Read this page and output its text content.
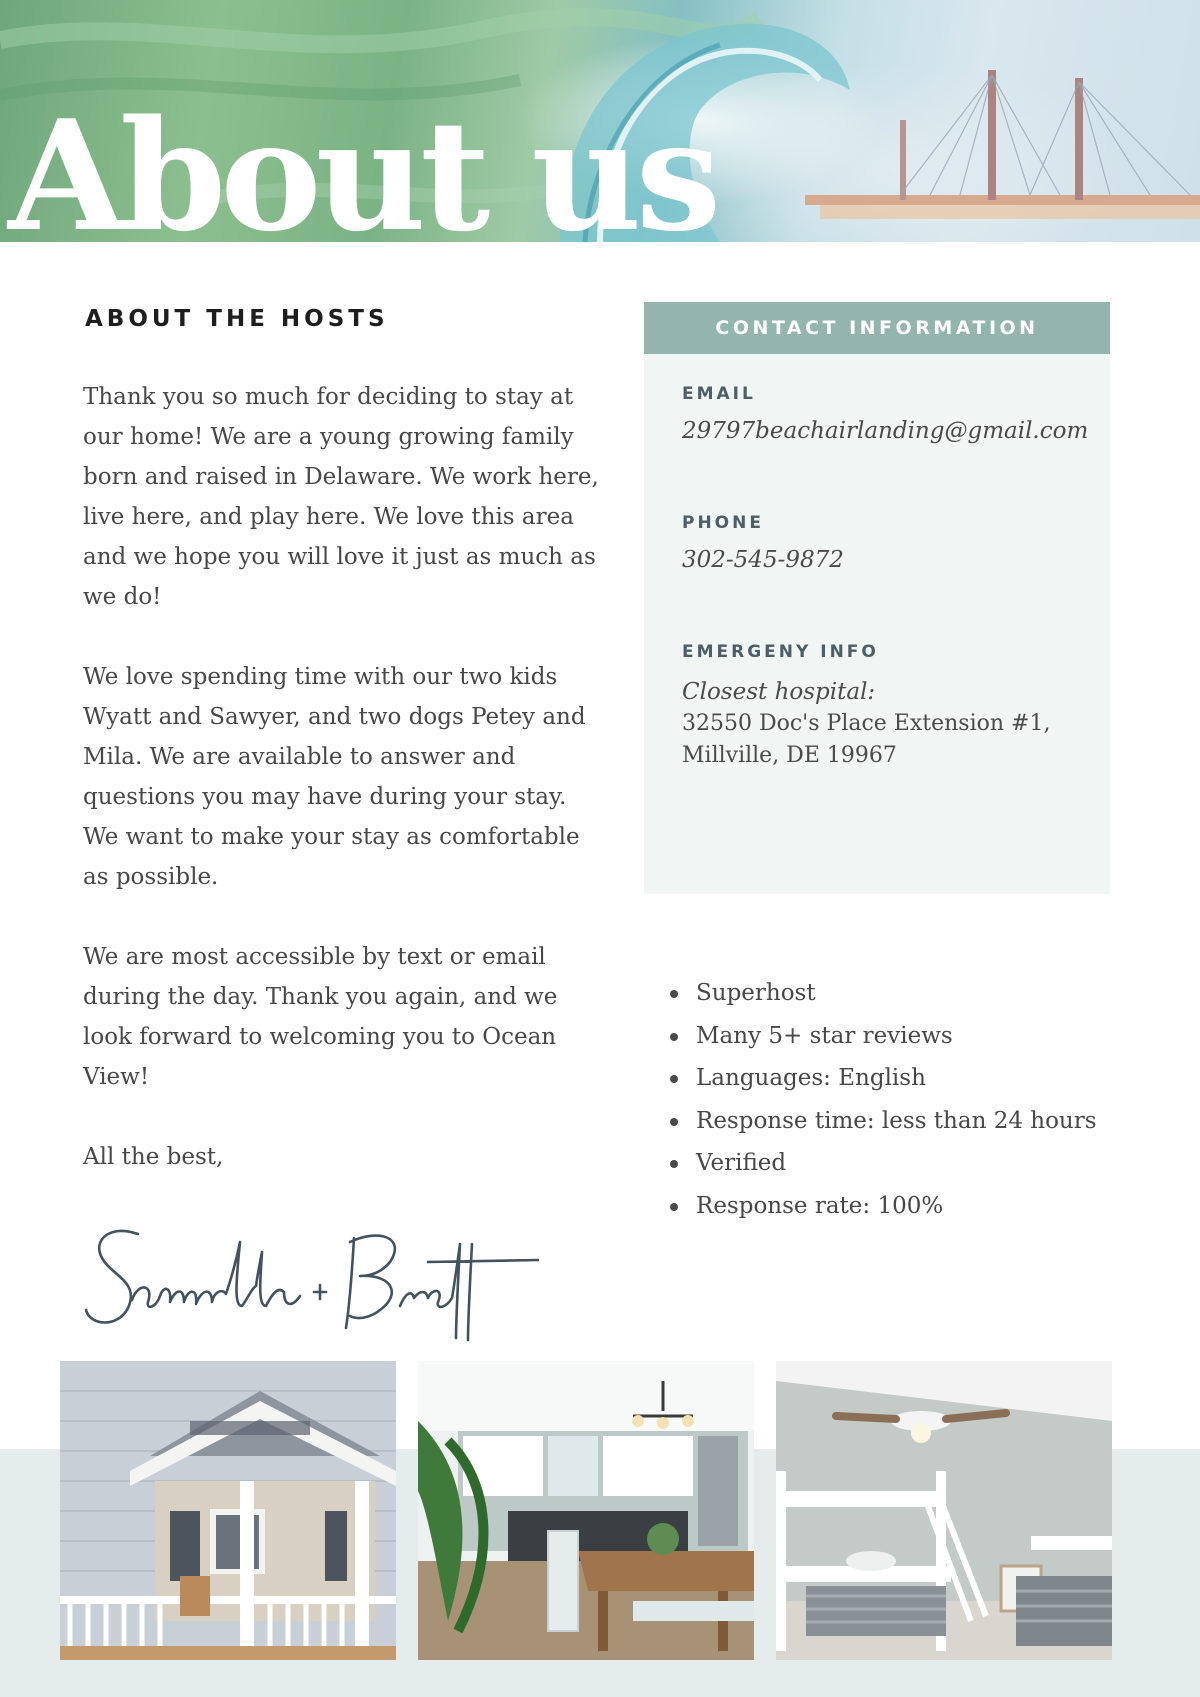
About us
ABOUT THE HOSTS

Thank you so much for deciding to stay at our home! We are a young growing family born and raised in Delaware. We work here, live here, and play here. We love this area and we hope you will love it just as much as we do!

We love spending time with our two kids Wyatt and Sawyer, and two dogs Petey and Mila. We are available to answer and questions you may have during your stay. We want to make your stay as comfortable as possible.

We are most accessible by text or email during the day. Thank you again, and we look forward to welcoming you to Ocean View!

All the best,

CONTACT INFORMATION
EMAIL
29797beachairlanding@gmail.com
PHONE
302-545-9872
EMERGENY INFO
Closest hospital:
32550 Doc's Place Extension #1,
Millville, DE 19967
Superhost
Many 5+ star reviews
Languages: English
Response time: less than 24 hours
Verified
Response rate: 100%
